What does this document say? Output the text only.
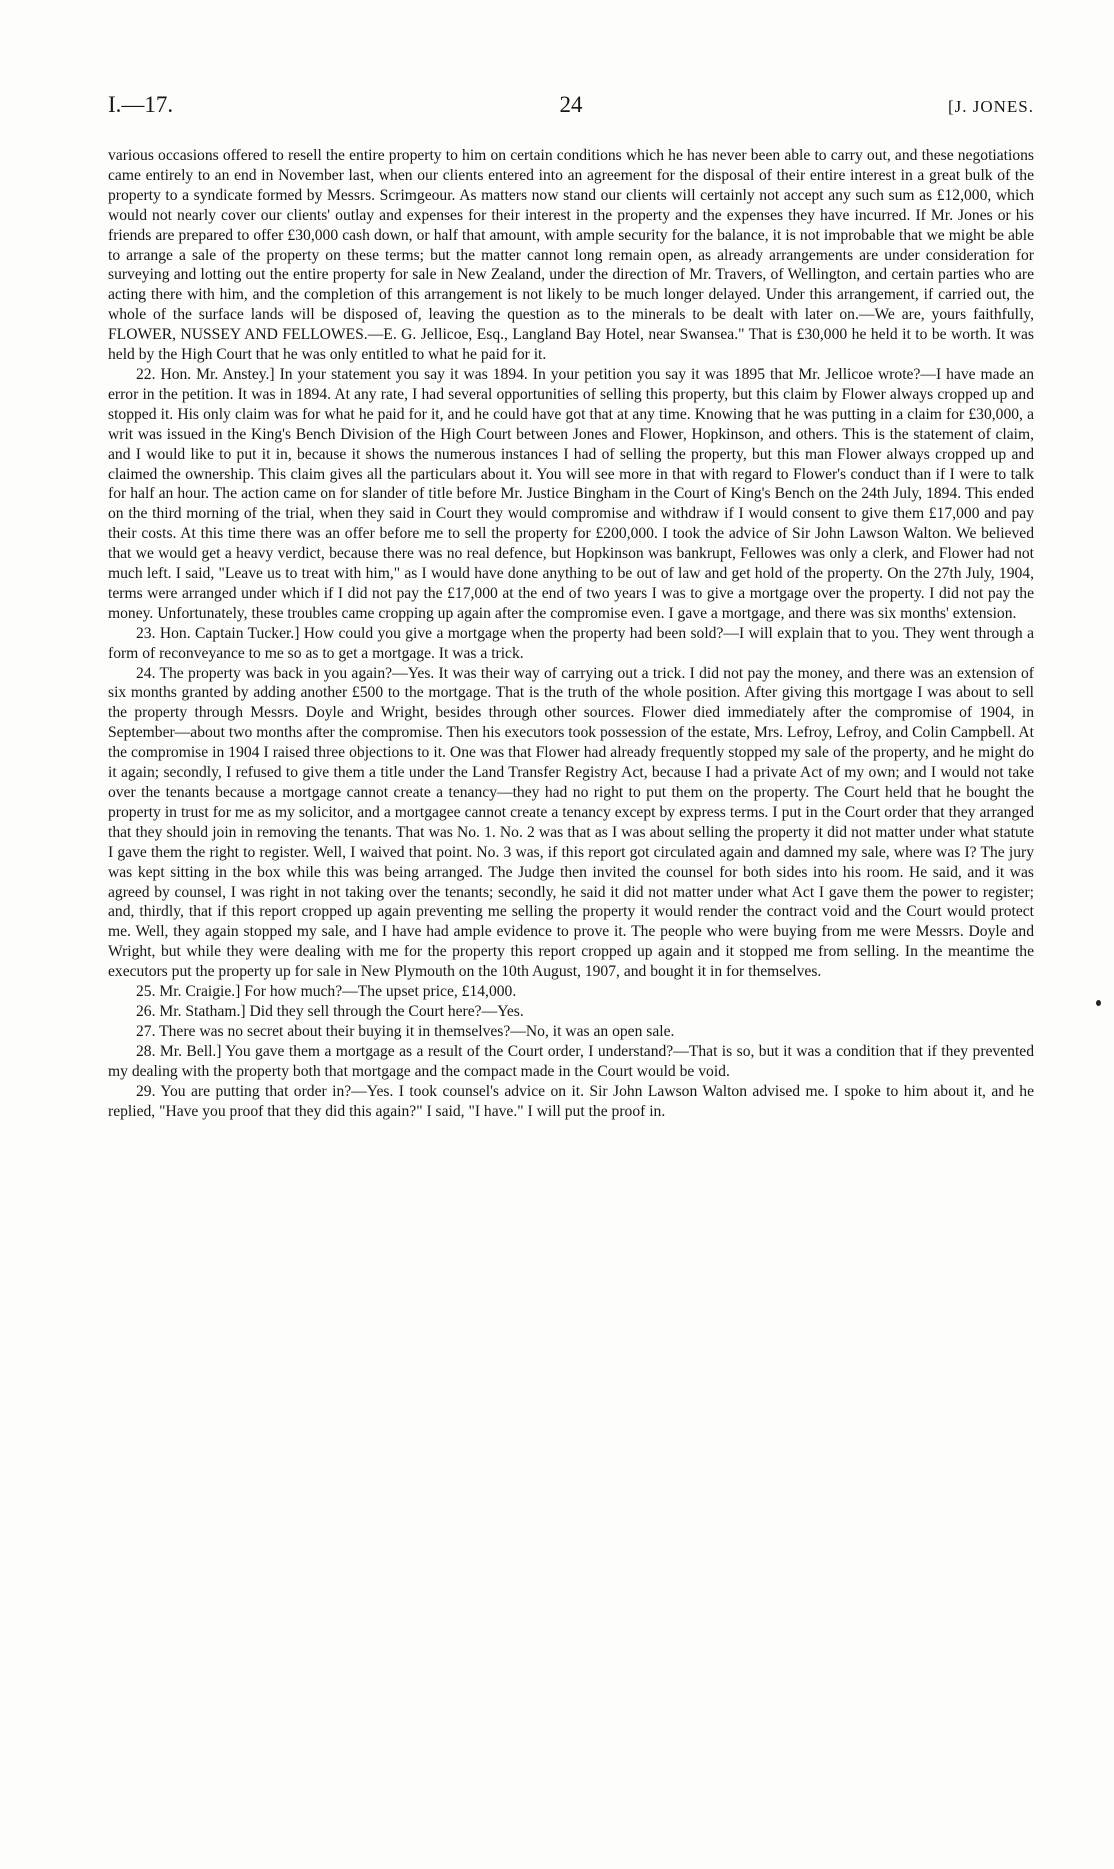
I.—17.	24	[J. JONES.

various occasions offered to resell the entire property to him on certain conditions which he has never been able to carry out, and these negotiations came entirely to an end in November last, when our clients entered into an agreement for the disposal of their entire interest in a great bulk of the property to a syndicate formed by Messrs. Scrimgeour. As matters now stand our clients will certainly not accept any such sum as £12,000, which would not nearly cover our clients' outlay and expenses for their interest in the property and the expenses they have incurred. If Mr. Jones or his friends are prepared to offer £30,000 cash down, or half that amount, with ample security for the balance, it is not improbable that we might be able to arrange a sale of the property on these terms; but the matter cannot long remain open, as already arrangements are under consideration for surveying and lotting out the entire property for sale in New Zealand, under the direction of Mr. Travers, of Wellington, and certain parties who are acting there with him, and the completion of this arrangement is not likely to be much longer delayed. Under this arrangement, if carried out, the whole of the surface lands will be disposed of, leaving the question as to the minerals to be dealt with later on.—We are, yours faithfully, FLOWER, NUSSEY AND FELLOWES.—E. G. Jellicoe, Esq., Langland Bay Hotel, near Swansea." That is £30,000 he held it to be worth. It was held by the High Court that he was only entitled to what he paid for it.

22. Hon. Mr. Anstey.] In your statement you say it was 1894. In your petition you say it was 1895 that Mr. Jellicoe wrote?—I have made an error in the petition. It was in 1894. At any rate, I had several opportunities of selling this property, but this claim by Flower always cropped up and stopped it. His only claim was for what he paid for it, and he could have got that at any time. Knowing that he was putting in a claim for £30,000, a writ was issued in the King's Bench Division of the High Court between Jones and Flower, Hopkinson, and others. This is the statement of claim, and I would like to put it in, because it shows the numerous instances I had of selling the property, but this man Flower always cropped up and claimed the ownership. This claim gives all the particulars about it. You will see more in that with regard to Flower's conduct than if I were to talk for half an hour. The action came on for slander of title before Mr. Justice Bingham in the Court of King's Bench on the 24th July, 1894. This ended on the third morning of the trial, when they said in Court they would compromise and withdraw if I would consent to give them £17,000 and pay their costs. At this time there was an offer before me to sell the property for £200,000. I took the advice of Sir John Lawson Walton. We believed that we would get a heavy verdict, because there was no real defence, but Hopkinson was bankrupt, Fellowes was only a clerk, and Flower had not much left. I said, "Leave us to treat with him," as I would have done anything to be out of law and get hold of the property. On the 27th July, 1904, terms were arranged under which if I did not pay the £17,000 at the end of two years I was to give a mortgage over the property. I did not pay the money. Unfortunately, these troubles came cropping up again after the compromise even. I gave a mortgage, and there was six months' extension.

23. Hon. Captain Tucker.] How could you give a mortgage when the property had been sold?—I will explain that to you. They went through a form of reconveyance to me so as to get a mortgage. It was a trick.

24. The property was back in you again?—Yes. It was their way of carrying out a trick. I did not pay the money, and there was an extension of six months granted by adding another £500 to the mortgage. That is the truth of the whole position. After giving this mortgage I was about to sell the property through Messrs. Doyle and Wright, besides through other sources. Flower died immediately after the compromise of 1904, in September—about two months after the compromise. Then his executors took possession of the estate, Mrs. Lefroy, Lefroy, and Colin Campbell. At the compromise in 1904 I raised three objections to it. One was that Flower had already frequently stopped my sale of the property, and he might do it again; secondly, I refused to give them a title under the Land Transfer Registry Act, because I had a private Act of my own; and I would not take over the tenants because a mortgage cannot create a tenancy—they had no right to put them on the property. The Court held that he bought the property in trust for me as my solicitor, and a mortgagee cannot create a tenancy except by express terms. I put in the Court order that they arranged that they should join in removing the tenants. That was No. 1. No. 2 was that as I was about selling the property it did not matter under what statute I gave them the right to register. Well, I waived that point. No. 3 was, if this report got circulated again and damned my sale, where was I? The jury was kept sitting in the box while this was being arranged. The Judge then invited the counsel for both sides into his room. He said, and it was agreed by counsel, I was right in not taking over the tenants; secondly, he said it did not matter under what Act I gave them the power to register; and, thirdly, that if this report cropped up again preventing me selling the property it would render the contract void and the Court would protect me. Well, they again stopped my sale, and I have had ample evidence to prove it. The people who were buying from me were Messrs. Doyle and Wright, but while they were dealing with me for the property this report cropped up again and it stopped me from selling. In the meantime the executors put the property up for sale in New Plymouth on the 10th August, 1907, and bought it in for themselves.

25. Mr. Craigie.] For how much?—The upset price, £14,000.

26. Mr. Statham.] Did they sell through the Court here?—Yes.

27. There was no secret about their buying it in themselves?—No, it was an open sale.

28. Mr. Bell.] You gave them a mortgage as a result of the Court order, I understand?—That is so, but it was a condition that if they prevented my dealing with the property both that mortgage and the compact made in the Court would be void.

29. You are putting that order in?—Yes. I took counsel's advice on it. Sir John Lawson Walton advised me. I spoke to him about it, and he replied, "Have you proof that they did this again?" I said, "I have." I will put the proof in.
